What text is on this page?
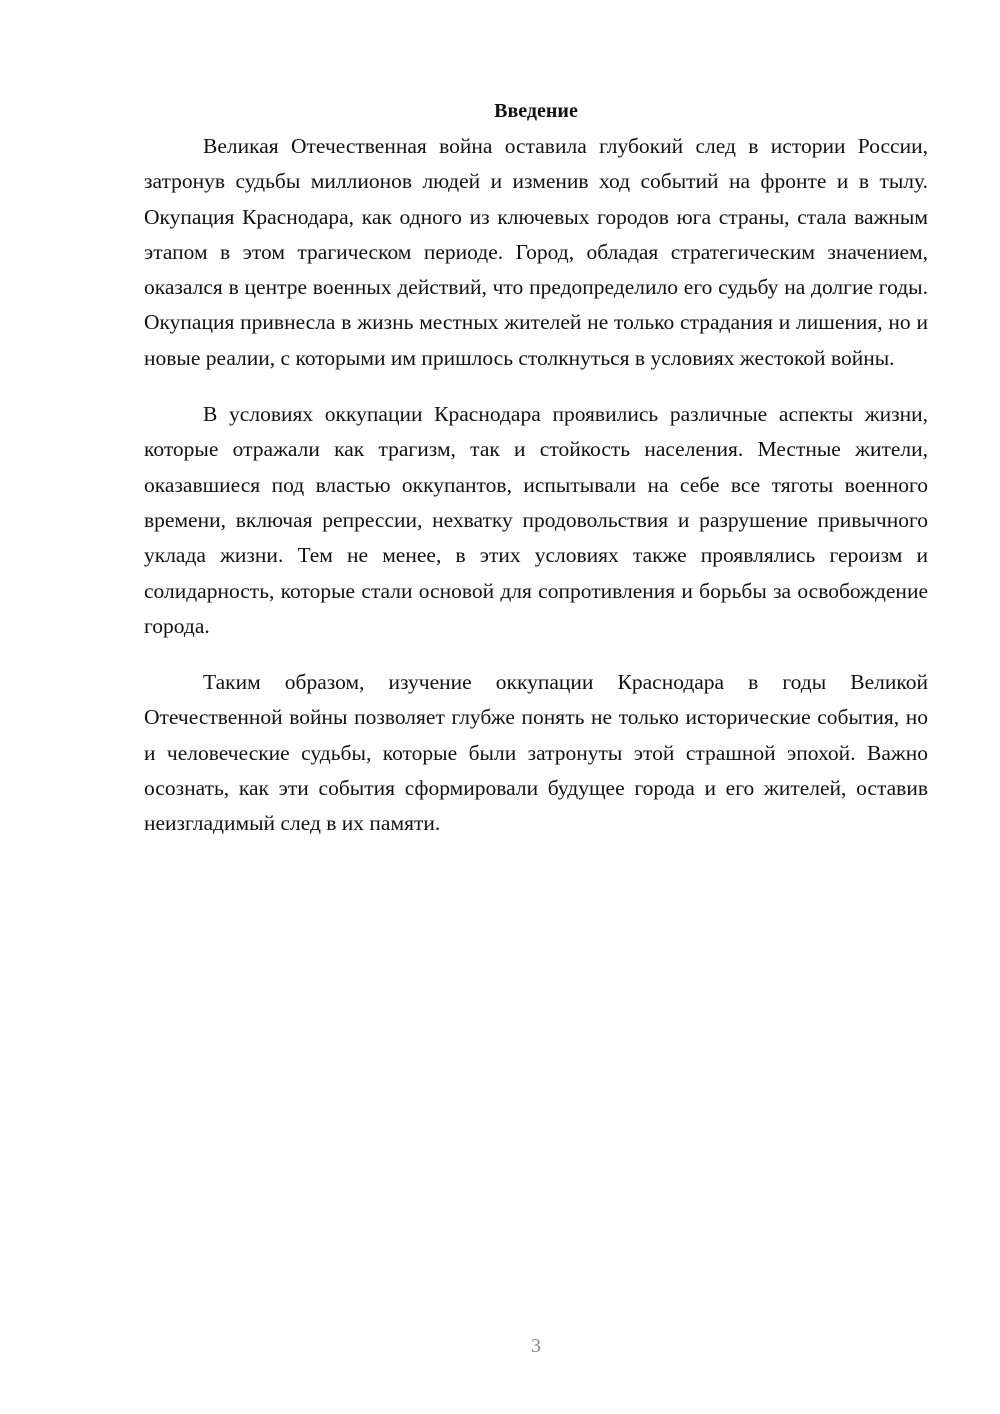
Введение

Великая Отечественная война оставила глубокий след в истории России, затронув судьбы миллионов людей и изменив ход событий на фронте и в тылу. Окупация Краснодара, как одного из ключевых городов юга страны, стала важным этапом в этом трагическом периоде. Город, обладая стратегическим значением, оказался в центре военных действий, что предопределило его судьбу на долгие годы. Окупация привнесла в жизнь местных жителей не только страдания и лишения, но и новые реалии, с которыми им пришлось столкнуться в условиях жестокой войны.

В условиях оккупации Краснодара проявились различные аспекты жизни, которые отражали как трагизм, так и стойкость населения. Местные жители, оказавшиеся под властью оккупантов, испытывали на себе все тяготы военного времени, включая репрессии, нехватку продовольствия и разрушение привычного уклада жизни. Тем не менее, в этих условиях также проявлялись героизм и солидарность, которые стали основой для сопротивления и борьбы за освобождение города.

Таким образом, изучение оккупации Краснодара в годы Великой Отечественной войны позволяет глубже понять не только исторические события, но и человеческие судьбы, которые были затронуты этой страшной эпохой. Важно осознать, как эти события сформировали будущее города и его жителей, оставив неизгладимый след в их памяти.

3
